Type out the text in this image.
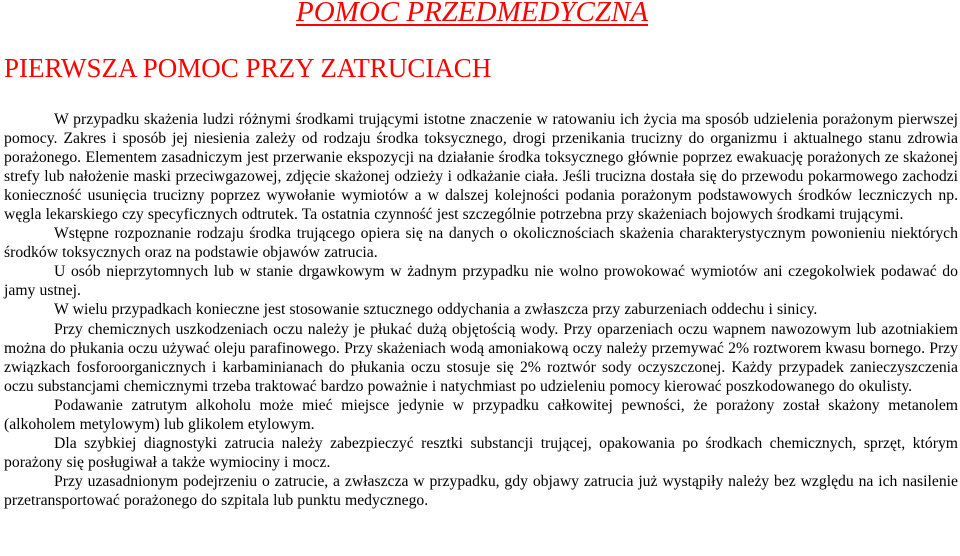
POMOC PRZEDMEDYCZNA
PIERWSZA POMOC PRZY ZATRUCIACH

W przypadku skażenia ludzi różnymi środkami trującymi istotne znaczenie w ratowaniu ich życia ma sposób udzielenia porażonym pierwszej pomocy. Zakres i sposób jej niesienia zależy od rodzaju środka toksycznego, drogi przenikania trucizny do organizmu i aktualnego stanu zdrowia porażonego. Elementem zasadniczym jest przerwanie ekspozycji na działanie środka toksycznego głównie poprzez ewakuację porażonych ze skażonej strefy lub nałożenie maski przeciwgazowej, zdjęcie skażonej odzieży i odkażanie ciała. Jeśli trucizna dostała się do przewodu pokarmowego zachodzi konieczność usunięcia trucizny poprzez wywołanie wymiotów a w dalszej kolejności podania porażonym podstawowych środków leczniczych np. węgla lekarskiego czy specyficznych odtrutek. Ta ostatnia czynność jest szczególnie potrzebna przy skażeniach bojowych środkami trującymi.

Wstępne rozpoznanie rodzaju środka trującego opiera się na danych o okolicznościach skażenia charakterystycznym powonieniu niektórych środków toksycznych oraz na podstawie objawów zatrucia.

U osób nieprzytomnych lub w stanie drgawkowym w żadnym przypadku nie wolno prowokować wymiotów ani czegokolwiek podawać do jamy ustnej.

W wielu przypadkach konieczne jest stosowanie sztucznego oddychania a zwłaszcza przy zaburzeniach oddechu i sinicy.

Przy chemicznych uszkodzeniach oczu należy je płukać dużą objętością wody. Przy oparzeniach oczu wapnem nawozowym lub azotniakiem można do płukania oczu używać oleju parafinowego. Przy skażeniach wodą amoniakową oczy należy przemywać 2% roztworem kwasu bornego. Przy związkach fosforoorganicznych i karbaminianach do płukania oczu stosuje się 2% roztwór sody oczyszczonej. Każdy przypadek zanieczyszczenia oczu substancjami chemicznymi trzeba traktować bardzo poważnie i natychmiast po udzieleniu pomocy kierować poszkodowanego do okulisty.

Podawanie zatrutym alkoholu może mieć miejsce jedynie w przypadku całkowitej pewności, że porażony został skażony metanolem (alkoholem metylowym) lub glikolem etylowym.

Dla szybkiej diagnostyki zatrucia należy zabezpieczyć resztki substancji trującej, opakowania po środkach chemicznych, sprzęt, którym porażony się posługiwał a także wymiociny i mocz.

Przy uzasadnionym podejrzeniu o zatrucie, a zwłaszcza w przypadku, gdy objawy zatrucia już wystąpiły należy bez względu na ich nasilenie przetransportować porażonego do szpitala lub punktu medycznego.
